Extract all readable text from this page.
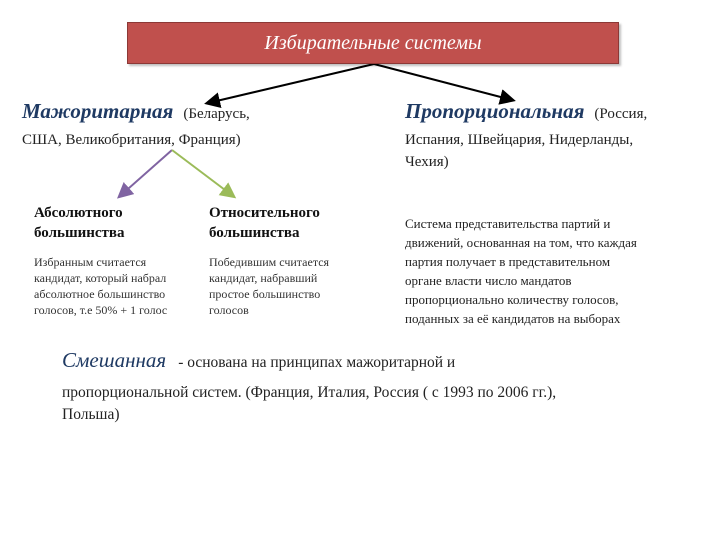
Избирательные системы
Мажоритарная (Беларусь,
США, Великобритания, Франция)
Пропорциональная (Россия,
Испания, Швейцария, Нидерланды,
Чехия)
Абсолютного
большинства
Избранным считается
кандидат, который набрал
абсолютное большинство
голосов, т.е 50% + 1 голос
Относительного
большинства
Победившим считается
кандидат, набравший
простое большинство
голосов
Система представительства партий и
движений, основанная на том, что каждая
партия получает в представительном
органе власти число мандатов
пропорционально количеству голосов,
поданных за её кандидатов на выборах
Смешанная - основана на принципах мажоритарной и
пропорциональной систем. (Франция, Италия, Россия ( с 1993 по 2006 гг.),
Польша)
